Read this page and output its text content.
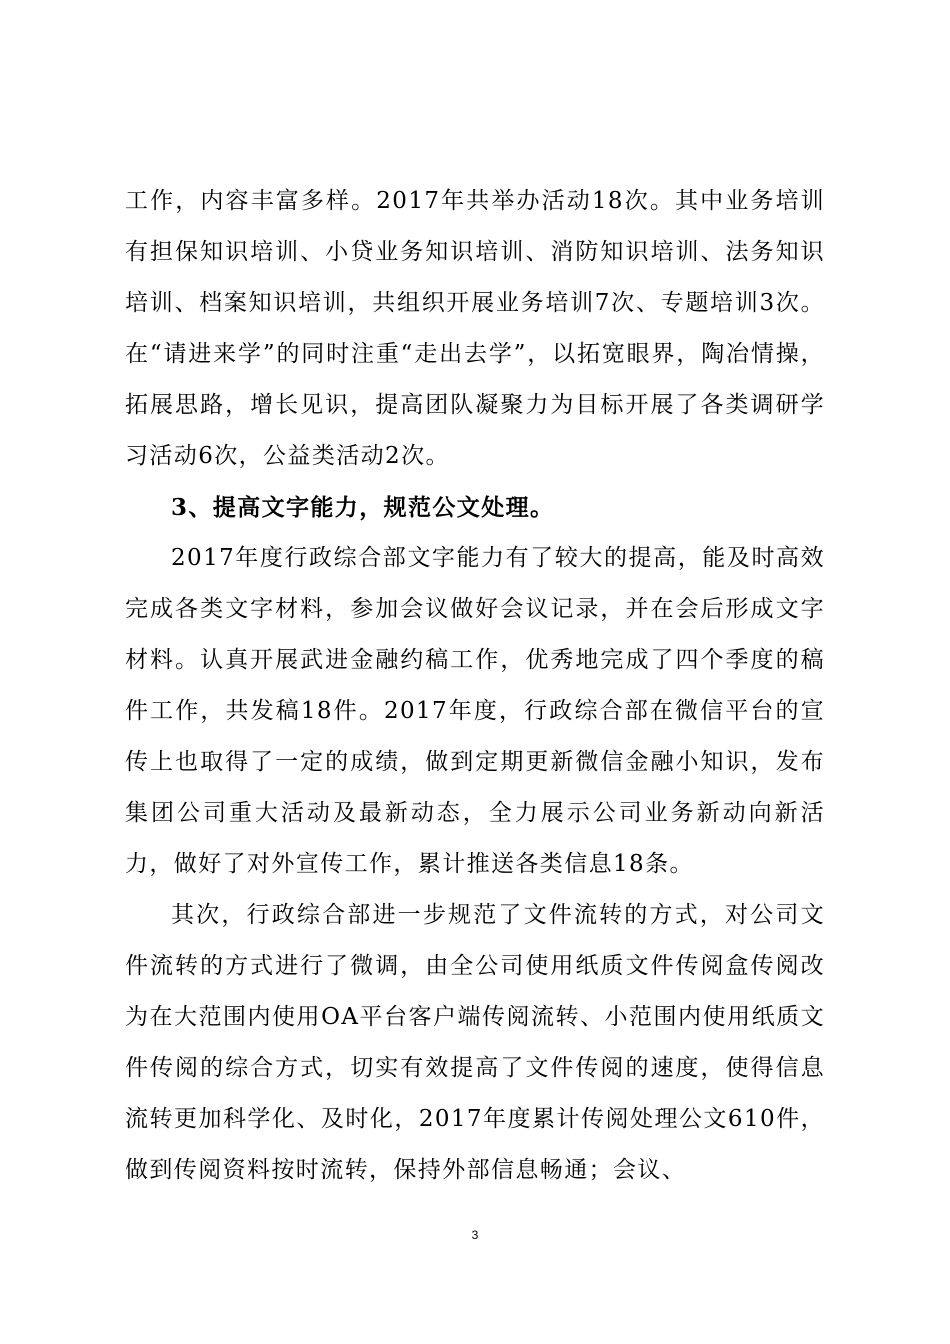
工作，内容丰富多样。2017年共举办活动18次。其中业务培训有担保知识培训、小贷业务知识培训、消防知识培训、法务知识培训、档案知识培训，共组织开展业务培训7次、专题培训3次。在“请进来学”的同时注重“走出去学”，以拓宽眼界，陶冶情操，拓展思路，增长见识，提高团队凝聚力为目标开展了各类调研学习活动6次，公益类活动2次。

3、提高文字能力，规范公文处理。

2017年度行政综合部文字能力有了较大的提高，能及时高效完成各类文字材料，参加会议做好会议记录，并在会后形成文字材料。认真开展武进金融约稿工作，优秀地完成了四个季度的稿件工作，共发稿18件。2017年度，行政综合部在微信平台的宣传上也取得了一定的成绩，做到定期更新微信金融小知识，发布集团公司重大活动及最新动态，全力展示公司业务新动向新活力，做好了对外宣传工作，累计推送各类信息18条。

其次，行政综合部进一步规范了文件流转的方式，对公司文件流转的方式进行了微调，由全公司使用纸质文件传阅盒传阅改为在大范围内使用OA平台客户端传阅流转、小范围内使用纸质文件传阅的综合方式，切实有效提高了文件传阅的速度，使得信息流转更加科学化、及时化，2017年度累计传阅处理公文610件，做到传阅资料按时流转，保持外部信息畅通；会议、

3
